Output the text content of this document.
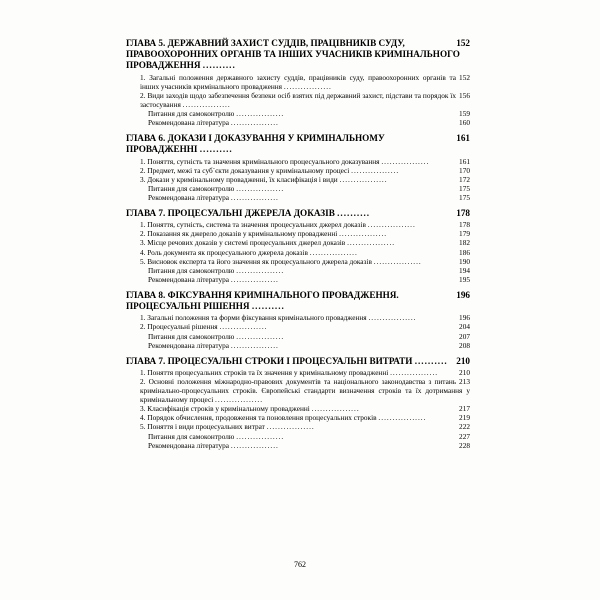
152
ГЛАВА 5. ДЕРЖАВНИЙ ЗАХИСТ СУДДІВ, ПРАЦІВНИКІВ СУДУ, ПРАВООХОРОННИХ ОРГАНІВ ТА ІНШИХ УЧАСНИКІВ КРИМІНАЛЬНОГО ПРОВАДЖЕННЯ ..........
152
1. Загальні положення державного захисту суддів, працівників суду, правоохоронних органів та інших учасників кримінального провадження .................
156
2. Види заходів щодо забезпечення безпеки осіб взятих під державний захист, підстави та порядок їх застосування .................
159
Питання для самоконтролю .................
160
Рекомендована література .................
161
ГЛАВА 6. ДОКАЗИ І ДОКАЗУВАННЯ У КРИМІНАЛЬНОМУ ПРОВАДЖЕННІ ..........
161
1. Поняття, сутність та значення кримінального процесуального доказування .................
170
2. Предмет, межі та суб`єкти доказування у кримінальному процесі .................
172
3. Докази у кримінальному провадженні, їх класифікація і види .................
175
Питання для самоконтролю .................
175
Рекомендована література .................
178
ГЛАВА 7. ПРОЦЕСУАЛЬНІ ДЖЕРЕЛА ДОКАЗІВ ..........
178
1. Поняття, сутність, система та значення процесуальних джерел доказів .................
179
2. Показання як джерело доказів у кримінальному провадженні .................
182
3. Місце речових доказів у системі процесуальних джерел доказів .................
186
4. Роль документа як процесуального джерела доказів .................
190
5. Висновок експерта та його значення як процесуального джерела доказів .................
194
Питання для самоконтролю .................
195
Рекомендована література .................
196
ГЛАВА 8. ФІКСУВАННЯ КРИМІНАЛЬНОГО ПРОВАДЖЕННЯ. ПРОЦЕСУАЛЬНІ РІШЕННЯ ..........
196
1. Загальні положення та форми фіксування кримінального провадження .................
204
2. Процесуальні рішення .................
207
Питання для самоконтролю .................
208
Рекомендована література .................
210
ГЛАВА 7. ПРОЦЕСУАЛЬНІ СТРОКИ І ПРОЦЕСУАЛЬНІ ВИТРАТИ ..........
210
1. Поняття процесуальних строків та їх значення у кримінальному провадженні .................
213
2. Основні положення міжнародно-правових документів та національного законодавства з питань кримінально-процесуальних строків. Європейські стандарти визначення строків та їх дотримання у кримінальному процесі .................
217
3. Класифікація строків у кримінальному провадженні .................
219
4. Порядок обчислення, продовження та поновлення процесуальних строків .................
222
5. Поняття і види процесуальних витрат .................
227
Питання для самоконтролю .................
228
Рекомендована література .................
762
